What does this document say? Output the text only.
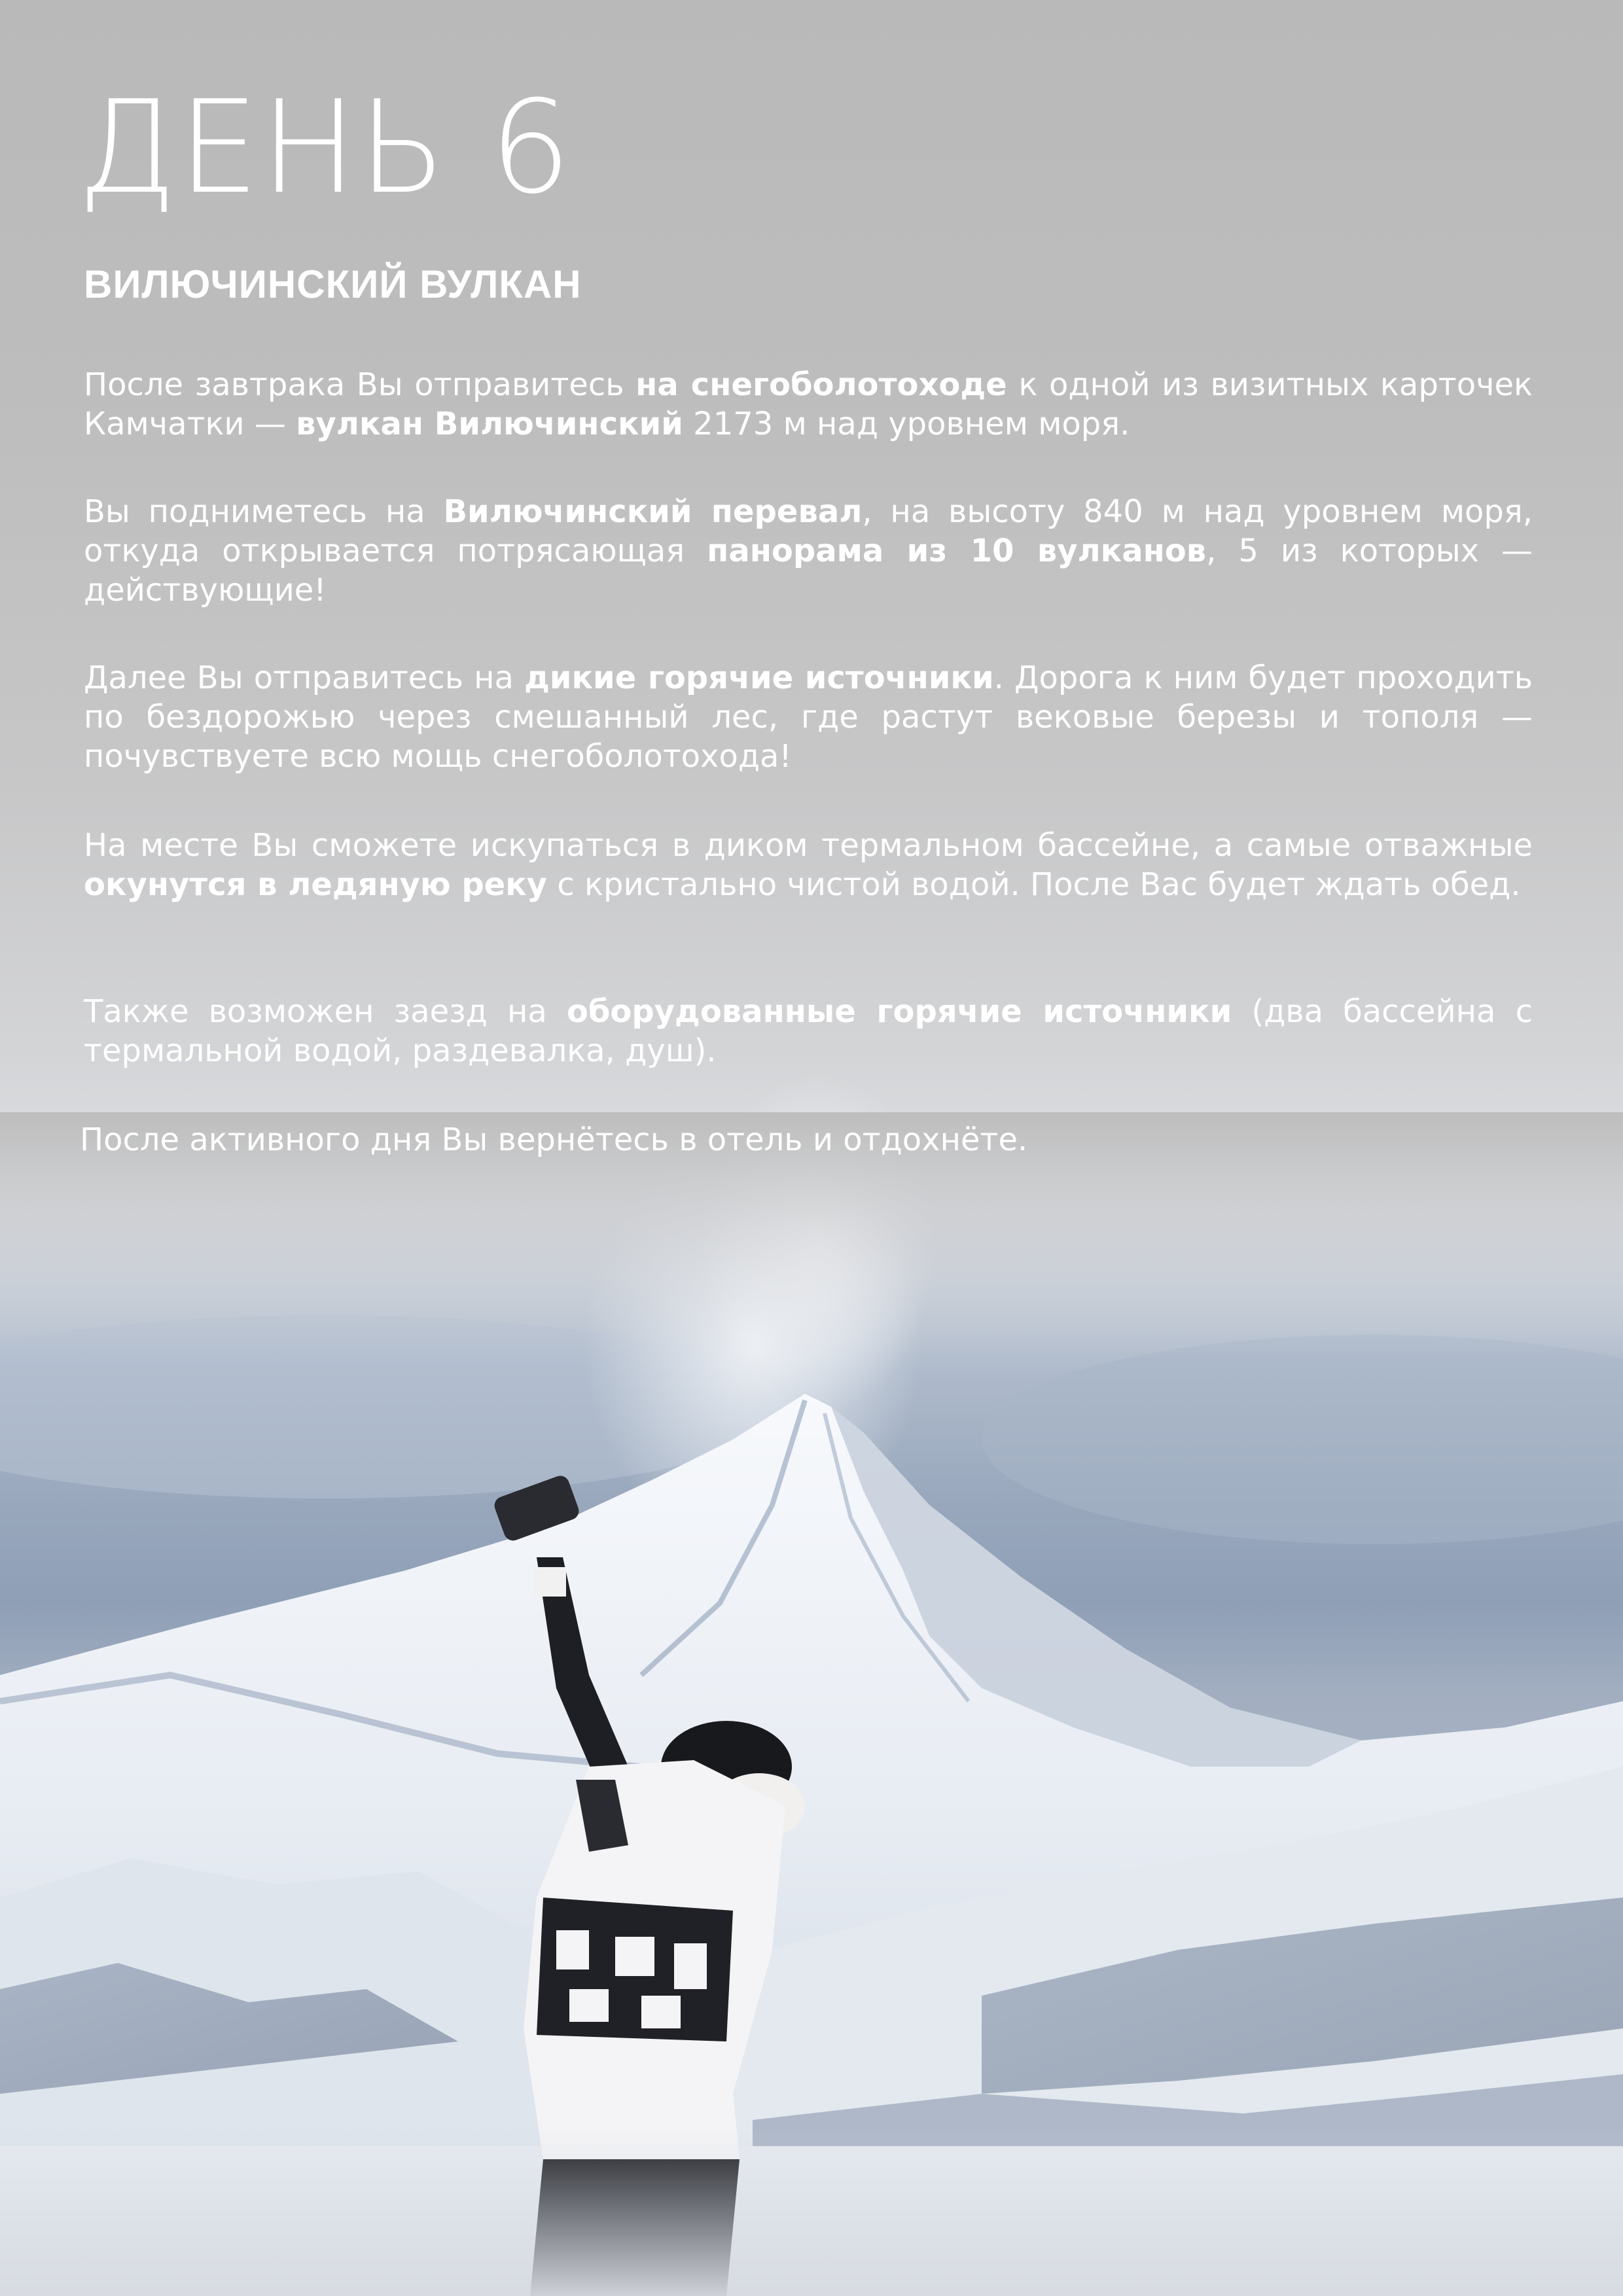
ДЕНЬ 6
ВИЛЮЧИНСКИЙ ВУЛКАН

После завтрака Вы отправитесь на снегоболотоходе к одной из визитных карточек Камчатки — вулкан Вилючинский 2173 м над уровнем моря.

Вы подниметесь на Вилючинский перевал, на высоту 840 м над уровнем моря, откуда открывается потрясающая панорама из 10 вулканов, 5 из которых — действующие!

Далее Вы отправитесь на дикие горячие источники. Дорога к ним будет проходить по бездорожью через смешанный лес, где растут вековые березы и тополя — почувствуете всю мощь снегоболотохода!

На месте Вы сможете искупаться в диком термальном бассейне, а самые отважные окунутся в ледяную реку с кристально чистой водой. После Вас будет ждать обед.

Также возможен заезд на оборудованные горячие источники (два бассейна с термальной водой, раздевалка, душ).

После активного дня Вы вернётесь в отель и отдохнёте.
